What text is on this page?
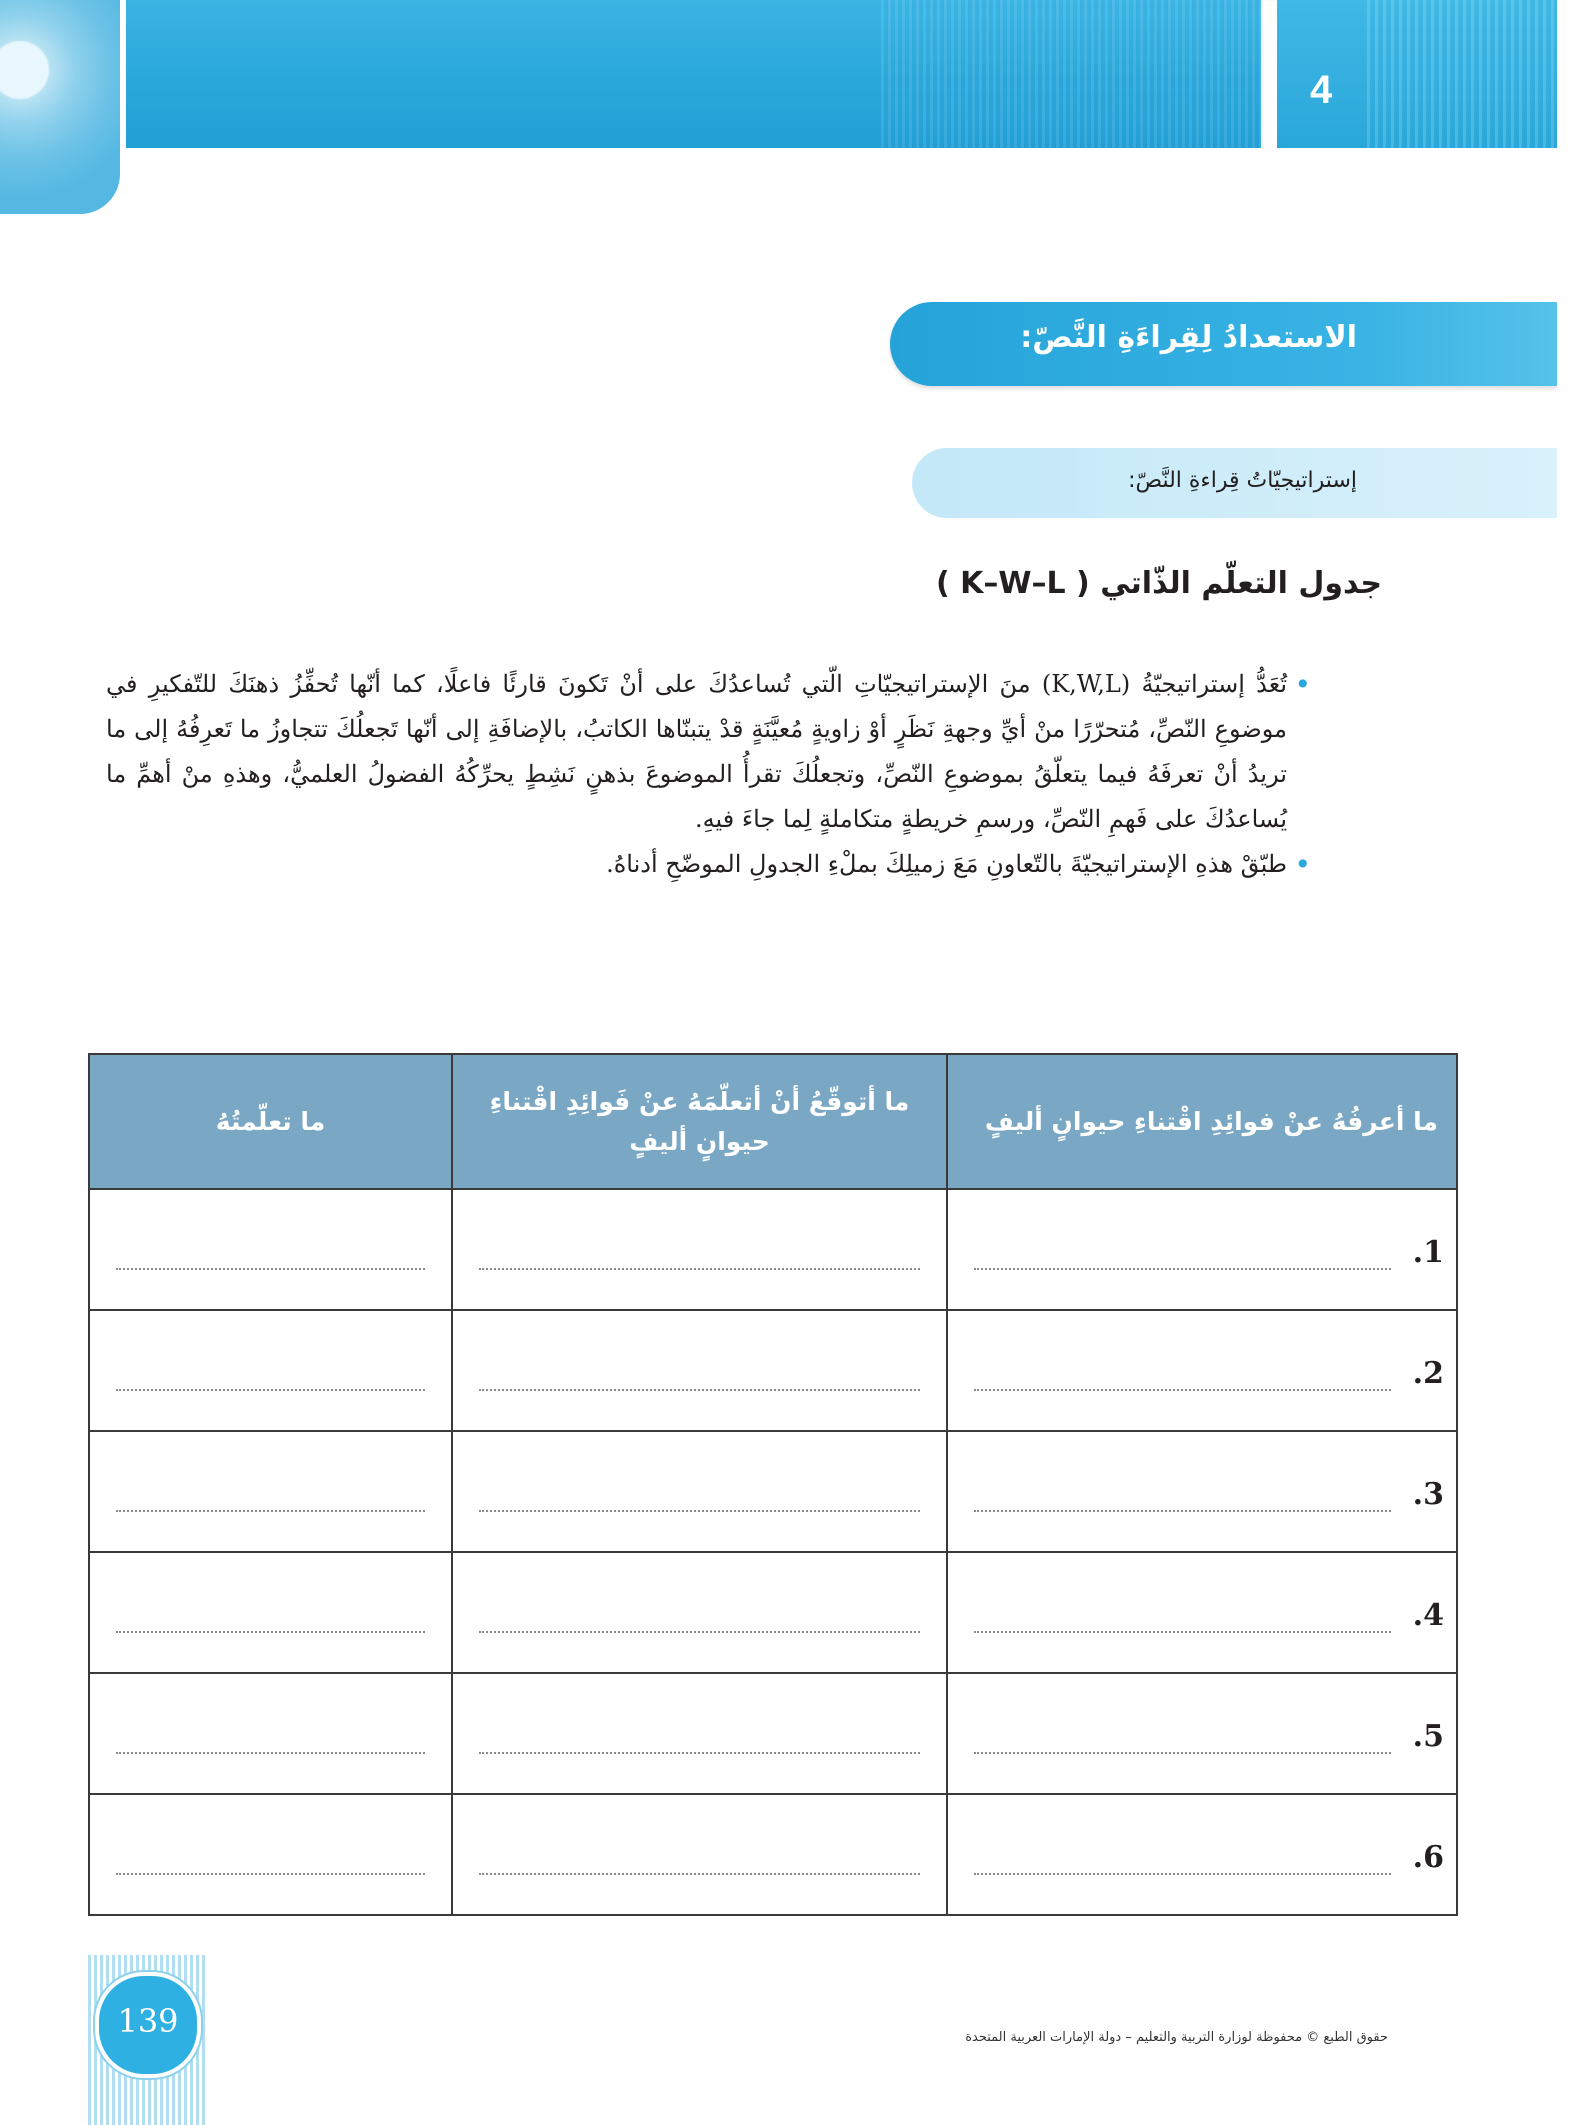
4
الاستعدادُ لِقِراءَةِ النَّصّ:
إستراتيجيّاتُ قِراءةِ النَّصّ:
جدول التعلّم الذّاتي ( K–W–L )
•
تُعَدُّ إستراتيجيّةُ (K,W,L) منَ الإستراتيجيّاتِ الّتي تُساعدُكَ على أنْ تَكونَ قارئًا فاعلًا، كما أنّها تُحفِّزُ ذهنَكَ للتّفكيرِ في موضوعِ النّصِّ، مُتحرّرًا منْ أيِّ وجهةِ نَظَرٍ أوْ زاويةٍ مُعيَّنَةٍ قدْ يتبنّاها الكاتبُ، بالإضافَةِ إلى أنّها تَجعلُكَ تتجاوزُ ما تَعرِفُهُ إلى ما تريدُ أنْ تعرفَهُ فيما يتعلّقُ بموضوعِ النّصِّ، وتجعلُكَ تقرأُ الموضوعَ بذهنٍ نَشِطٍ يحرِّكُهُ الفضولُ العلميُّ، وهذهِ منْ أهمِّ ما يُساعدُكَ على فَهمِ النّصِّ، ورسمِ خريطةٍ متكاملةٍ لِما جاءَ فيهِ.
•
طبّقْ هذهِ الإستراتيجيّةَ بالتّعاونِ مَعَ زميلِكَ بملْءِ الجدولِ الموضّحِ أدناهُ.
ما أعرفُهُ عنْ فوائِدِ اقْتناءِ حيوانٍ أليفٍ	ما أتوقّعُ أنْ أتعلّمَهُ عنْ فَوائِدِ اقْتناءِ حيوانٍ أليفٍ	ما تعلّمتُهُ

1.		

2.		

3.		

4.		

5.		

6.		

139	حقوق الطبع © محفوظة لوزارة التربية والتعليم – دولة الإمارات العربية المتحدة
